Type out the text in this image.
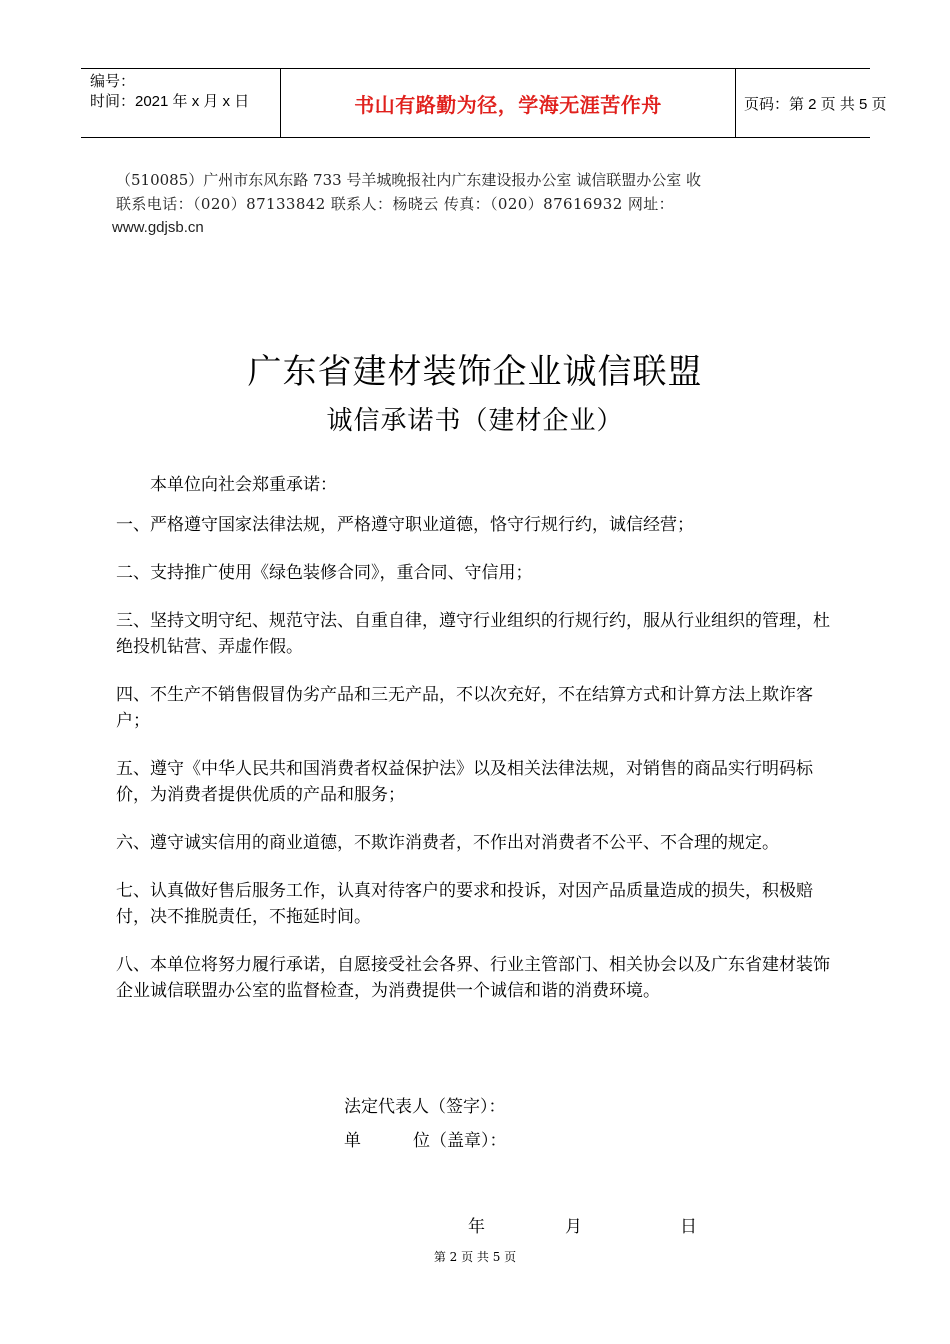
编号：
时间：2021 年 x 月 x 日	书山有路勤为径，学海无涯苦作舟	页码：第 2 页 共 5 页
（510085）广州市东风东路 733 号羊城晚报社内广东建设报办公室 诚信联盟办公室 收
联系电话：（020）87133842 联系人：杨晓云 传真：（020）87616932 网址：
www.gdjsb.cn
广东省建材装饰企业诚信联盟
诚信承诺书（建材企业）
本单位向社会郑重承诺：

一、严格遵守国家法律法规，严格遵守职业道德，恪守行规行约，诚信经营；

二、支持推广使用《绿色装修合同》，重合同、守信用；

三、坚持文明守纪、规范守法、自重自律，遵守行业组织的行规行约，服从行业组织的管理，杜绝投机钻营、弄虚作假。

四、不生产不销售假冒伪劣产品和三无产品，不以次充好，不在结算方式和计算方法上欺诈客户；

五、遵守《中华人民共和国消费者权益保护法》以及相关法律法规，对销售的商品实行明码标价，为消费者提供优质的产品和服务；

六、遵守诚实信用的商业道德，不欺诈消费者，不作出对消费者不公平、不合理的规定。

七、认真做好售后服务工作，认真对待客户的要求和投诉，对因产品质量造成的损失，积极赔付，决不推脱责任，不拖延时间。

八、本单位将努力履行承诺，自愿接受社会各界、行业主管部门、相关协会以及广东省建材装饰企业诚信联盟办公室的监督检查，为消费提供一个诚信和谐的消费环境。

法定代表人（签字）：
单	位（盖章）：
年	月	日
第 2 页 共 5 页
